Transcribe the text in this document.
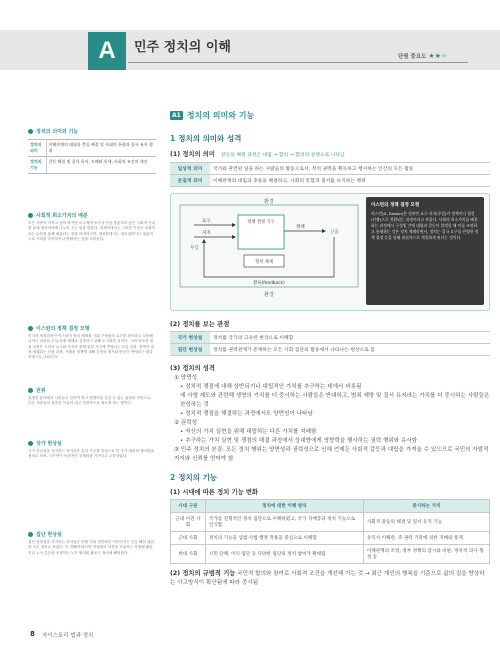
A	민주 정치의 이해
단원 중요도 ★★★
정치의 의미와 기능
정치의 의미	이해관계의 대립과 충돌 해결 및 사회의 통합과 질서 유지 행위
정치의 기능	갈등 해결 및 질서 유지, 지배와 통제, 사회적 조건의 개선
사회적 희소가치의 배분
모든 사람이 가지고 싶어 하지만 모두에게 돌아갈 만큼 충분하지 않은 사회적 가치를 분배 대상자에게 나누어 주는 일을 말한다. 경제학에서는 그러한 가치가 교환이라는 수단을 통해 배분되는 것을 의미하지만, 정치학에서는 정치권력이나 권위적으로 가치를 부여하거나 박탈하는 것을 의미한다.
이스턴의 정책 결정 모형
미국의 정치학자인 이스턴이 정치 체계를 사회 구성원의 요구를 파악하고 실현해 나가는 일련의 투입-산출 체계로 설명하기 위해 도식화한 것이다. 그에 따르면 정치 과정은 국민의 요구와 지지가 정책 결정 기구에 반영되는 투입 과정, 정책이 결정·집행되는 산출 과정, 시행된 정책에 대해 국민의 평가와 반응이 반영되는 환류 과정으로 나타난다.
권위
일정한 분야에서 사람들로 인하여 받고 영향력을 가질 수 있는 위엄과 신망으로, 다른 사람들의 복종을 이끌어 내고 자발적으로 따르게 하는 힘이다.
국가 현상설
국가 현상설을 지지하는 학자들은 통치 기구를 중심으로 한 국가 권력의 행사만을 정치로 보며, 국가만이 독점적인 강제력을 가진다고 주장하였다.
집단 현상설
집단 현상설을 지지하는 학자들은 어떤 사회 집단에서 이루어지는 갈등 해결 행위를 모두 정치로 보았다. 이 견해에 따르면 학생회의 의견을 조율하는 학생회 활동이나 노사 갈등을 조정하는 노사 협의회 활동도 정치에 해당한다.
A1 정치의 의미와 기능
1 정치의 의미와 성격
(1) 정치의 의미 갈등의 해결 과정은 대립 → 합의 → 합의의 실행으로 나타남
일상적 의미	국가와 관련된 일을 하는 사람들의 활동으로서, 정치 권력을 획득하고 행사하는 인간의 모든 활동
본질적 의미	이해관계의 대립과 충돌을 해결하고, 사회의 통합과 질서를 유지하는 행위
환경
환경
요구
지지
투입
정책 결정 기구
정책
산출
정치 체계
환류(feedback)
이스턴의 정책 결정 모형
이스턴(D. Easton)은 정치란 요구·지지(투입)가 정책이나 결정(산출)으로 전환되는 과정이라고 보았다. 사회의 희소가치를 배분하는 과정에서 구성원 간에 대립과 갈등이 발생할 때 이를 조정하고 통제하는 것은 정치 체계라면서, 정치는 결국 요구를 반영한 정책 결정 등을 통해 권위적으로 개입하게 된다는 것이다.
(2) 정치를 보는 관점
국가 현상설	정치를 국가의 고유한 현상으로 이해함
집단 현상설	정치를 권력관계가 존재하는 모든 사회 집단의 활동에서 나타나는 현상으로 봄
(3) 정치의 성격
① 양면성
• 정치적 쟁점에 대해 상반되거나 대립적인 가치를 추구하는 데에서 비롯됨
예 사형 제도와 관련해 생명의 가치를 더 중시하는 사람들은 반대하고, 범죄 예방 및 질서 유지라는 가치를 더 중시하는 사람들은 찬성하는 것
• 정치적 쟁점을 해결하는 과정에서도 양면성이 나타남
② 권력성
• 자신의 가치 실현을 위해 대립하는 다른 가치를 지배함
• 추구하는 가치 실현 및 쟁점의 해결 과정에서 상대방에게 영향력을 행사하는 권력 행위와 유사함
③ 민주 정치의 본질: 모든 정치 행위는 양면성과 권력성으로 인해 언제든 사회적 갈등과 대립을 가져올 수 있으므로 국민의 자발적 지지와 신뢰를 얻어야 함
2 정치의 기능
(1) 시대에 따른 정치 기능 변화
시대 구분	정치에 대한 이해 방식	중시하는 가치
근대 이전 사회	국가를 전형적인 정치 집단으로 이해하였고, 국가 지배층과 정치 기능으로 인식함	사회적 갈등의 해결 및 질서 유지 기능
근대 사회	정치의 기능을 입법·사법·행정 작용을 중심으로 이해함	유익서 이해관, 즉 권력 기관에 의한 지배와 통제
현대 사회	시민 단체, 이익 집단 등 다양한 집단의 정치 참여가 확대됨	이해관계의 조정, 정부 정책의 감시와 비판, 정치적 의사 형성 등
(2) 정치의 규범적 기능 국민적 합의와 참여로 사회적 조건을 개선해 가는 것 → 최근 개인의 행복을 기준으로 삶의 질을 향상하는 사고방식이 확산됨에 따라 중시됨
8 자이스토리 법과 정치
